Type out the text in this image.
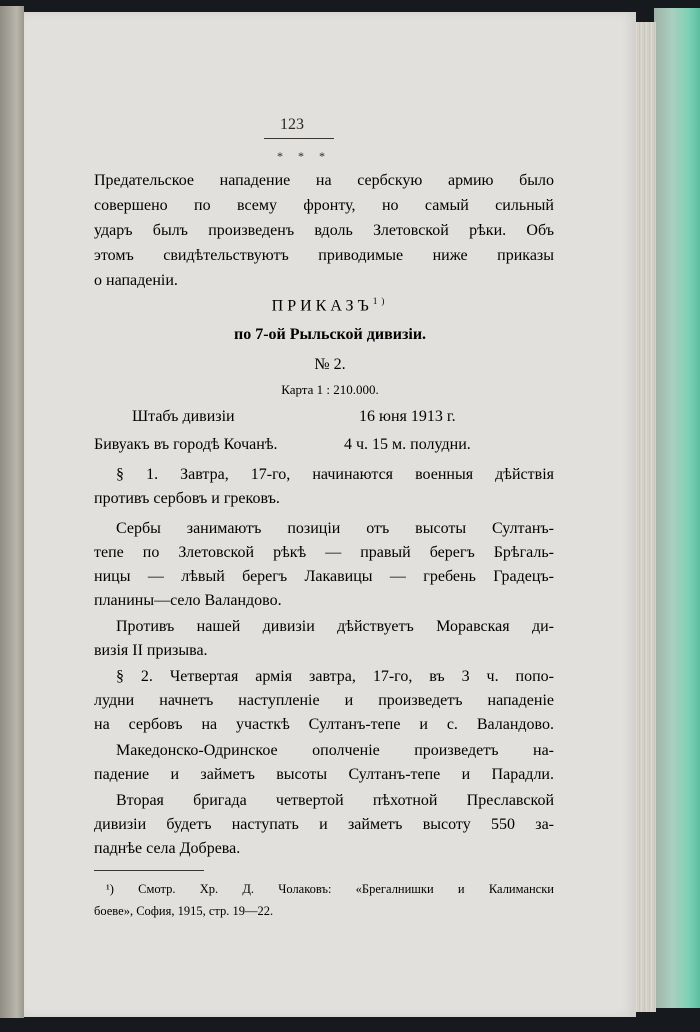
123
* * *
Предательское нападение на сербскую армию было
совершено по всему фронту, но самый сильный
ударъ былъ произведенъ вдоль Злетовской рѣки. Объ
этомъ свидѣтельствуютъ приводимые ниже приказы
о нападеніи.
ПРИКАЗЪ$^{1)}$
по 7-ой Рыльской дивизіи.
№ 2.
Карта 1 : 210.000.
Штабъ дивизіи	16 юня 1913 г.
Бивуакъ въ городѣ Кочанѣ.	4 ч. 15 м. полудни.
§ 1. Завтра, 17-го, начинаются военныя дѣйствія
противъ сербовъ и грековъ.
Сербы занимаютъ позиціи отъ высоты Султанъ-
тепе по Злетовской рѣкѣ — правый берегъ Брѣгаль-
ницы — лѣвый берегъ Лакавицы — гребень Градецъ-
планины—село Валандово.
Противъ нашей дивизіи дѣйствуетъ Моравская ди-
визія II призыва.
§ 2. Четвертая армія завтра, 17-го, въ 3 ч. попо-
лудни начнетъ наступленіе и произведетъ нападеніе
на сербовъ на участкѣ Султанъ-тепе и с. Валандово.
Македонско-Одринское ополченіе произведетъ на-
падение и займетъ высоты Султанъ-тепе и Парадли.
Вторая бригада четвертой пѣхотной Преславской
дивизіи будетъ наступать и займетъ высоту 550 за-
паднѣе села Добрева.
¹) Смотр. Хр. Д. Чолаковъ: «Брегалнишки и Калимански
боеве», София, 1915, стр. 19—22.
